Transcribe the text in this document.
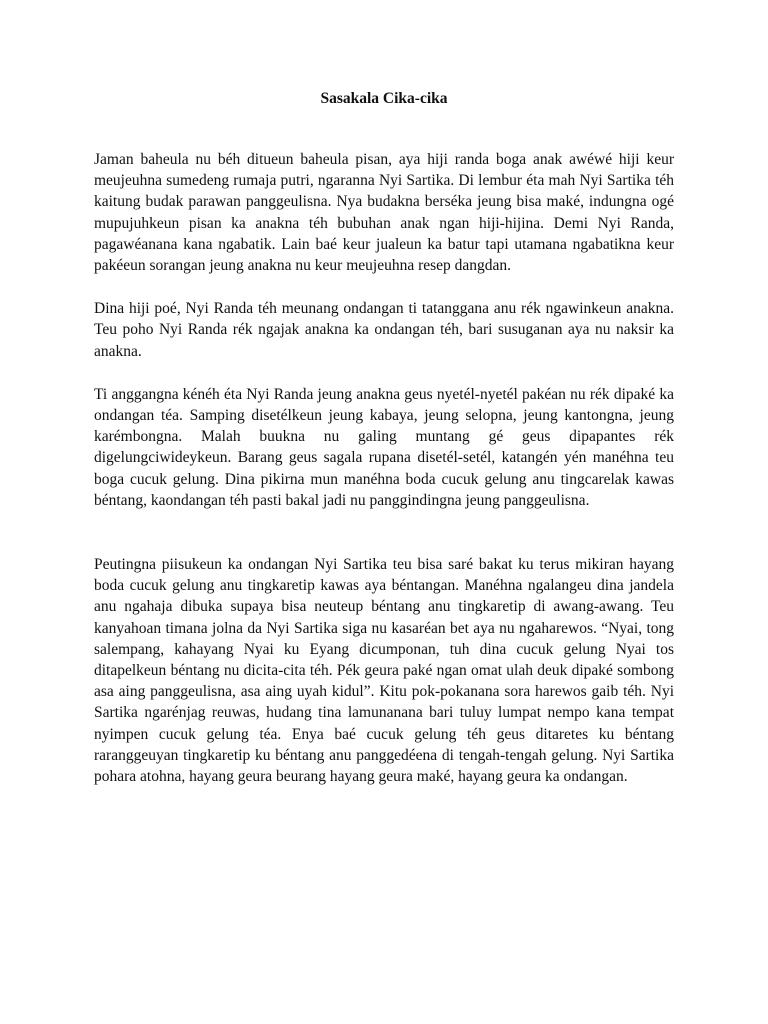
Sasakala Cika-cika

Jaman baheula nu béh ditueun baheula pisan, aya hiji randa boga anak awéwé hiji keur meujeuhna sumedeng rumaja putri, ngaranna Nyi Sartika. Di lembur éta mah Nyi Sartika téh kaitung budak parawan panggeulisna. Nya budakna berséka jeung bisa maké, indungna ogé mupujuhkeun pisan ka anakna téh bubuhan anak ngan hiji-hijina. Demi Nyi Randa, pagawéanana kana ngabatik. Lain baé keur jualeun ka batur tapi utamana ngabatikna keur pakéeun sorangan jeung anakna nu keur meujeuhna resep dangdan.

Dina hiji poé, Nyi Randa téh meunang ondangan ti tatanggana anu rék ngawinkeun anakna. Teu poho Nyi Randa rék ngajak anakna ka ondangan téh, bari susuganan aya nu naksir ka anakna.

Ti anggangna kénéh éta Nyi Randa jeung anakna geus nyetél-nyetél pakéan nu rék dipaké ka ondangan téa. Samping disetélkeun jeung kabaya, jeung selopna, jeung kantongna, jeung karémbongna. Malah buukna nu galing muntang gé geus dipapantes rék digelungciwideykeun. Barang geus sagala rupana disetél-setél, katangén yén manéhna teu boga cucuk gelung. Dina pikirna mun manéhna boda cucuk gelung anu tingcarelak kawas béntang, kaondangan téh pasti bakal jadi nu panggindingna jeung panggeulisna.

Peutingna piisukeun ka ondangan Nyi Sartika teu bisa saré bakat ku terus mikiran hayang boda cucuk gelung anu tingkaretip kawas aya béntangan. Manéhna ngalangeu dina jandela anu ngahaja dibuka supaya bisa neuteup béntang anu tingkaretip di awang-awang. Teu kanyahoan timana jolna da Nyi Sartika siga nu kasaréan bet aya nu ngaharewos. “Nyai, tong salempang, kahayang Nyai ku Eyang dicumponan, tuh dina cucuk gelung Nyai tos ditapelkeun béntang nu dicita-cita téh. Pék geura paké ngan omat ulah deuk dipaké sombong asa aing panggeulisna, asa aing uyah kidul”. Kitu pok-pokanana sora harewos gaib téh. Nyi Sartika ngarénjag reuwas, hudang tina lamunanana bari tuluy lumpat nempo kana tempat nyimpen cucuk gelung téa. Enya baé cucuk gelung téh geus ditaretes ku béntang raranggeuyan tingkaretip ku béntang anu panggedéena di tengah-tengah gelung. Nyi Sartika pohara atohna, hayang geura beurang hayang geura maké, hayang geura ka ondangan.
